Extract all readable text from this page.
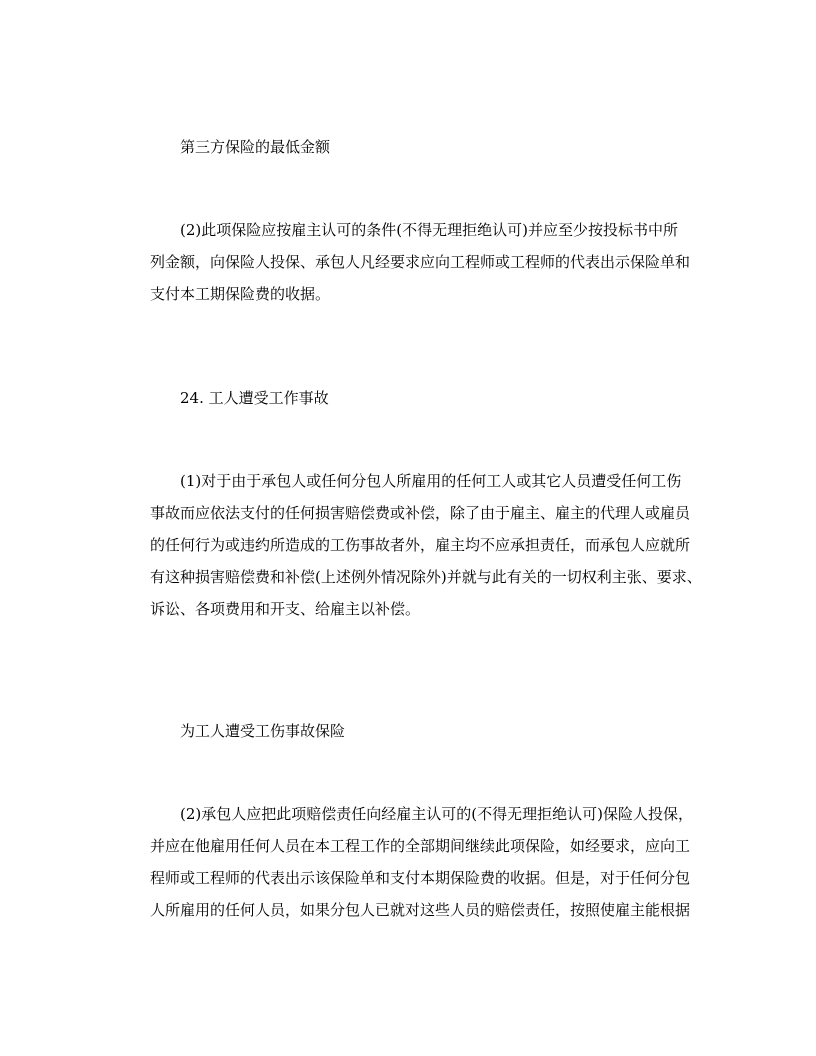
第三方保险的最低金额
(2)此项保险应按雇主认可的条件(不得无理拒绝认可)并应至少按投标书中所
列金额，向保险人投保、承包人凡经要求应向工程师或工程师的代表出示保险单和
支付本工期保险费的收据。
24. 工人遭受工作事故
(1)对于由于承包人或任何分包人所雇用的任何工人或其它人员遭受任何工伤
事故而应依法支付的任何损害赔偿费或补偿，除了由于雇主、雇主的代理人或雇员
的任何行为或违约所造成的工伤事故者外，雇主均不应承担责任，而承包人应就所
有这种损害赔偿费和补偿(上述例外情况除外)并就与此有关的一切权利主张、要求、
诉讼、各项费用和开支、给雇主以补偿。
为工人遭受工伤事故保险
(2)承包人应把此项赔偿责任向经雇主认可的(不得无理拒绝认可)保险人投保，
并应在他雇用任何人员在本工程工作的全部期间继续此项保险，如经要求，应向工
程师或工程师的代表出示该保险单和支付本期保险费的收据。但是，对于任何分包
人所雇用的任何人员，如果分包人已就对这些人员的赔偿责任，按照使雇主能根据
